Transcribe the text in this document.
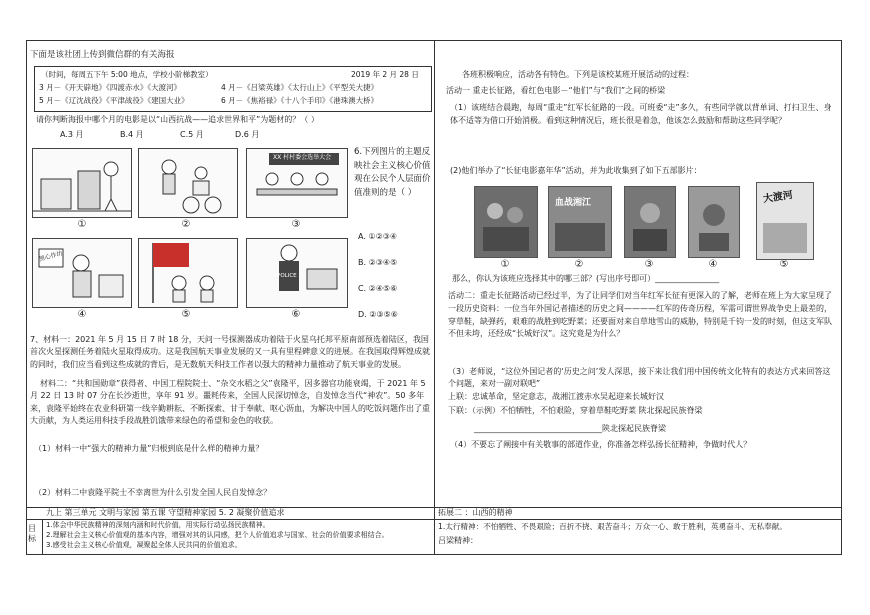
下面是该社团上传到微信群的有关海报

（时间，每周五下午 5:00 地点，学校小阶梯教室）	2019 年 2 月 28 日

3 月－《开天辟地》《四渡赤水》《大渡河》	4 月－《吕梁英雄》《太行山上》《平型关大捷》

5 月－《辽沈战役》《平津战役》《建国大业》	6 月－《焦裕禄》《十八个手印》《港珠澳大桥》

请你判断海报中哪个月的电影是以“山西抗战——追求世界和平”为题材的？（ ）

A.3 月	B.4 月	C.5 月	D.6 月

XX 村村委会选举大会
①	②	③
黑心作坊
POLICE
④	⑤	⑥

6.下列图片的主题反映社会主义核心价值观在公民个人层面价值准则的是（ ）

A. ①②③④

B. ②③④⑤

C. ②④⑤⑥

D. ②③⑤⑥

7、材料一：2021 年 5 月 15 日 7 时 18 分，天问一号探测器成功着陆于火星乌托邦平原南部预选着陆区，我国首次火星探测任务着陆火星取得成功。这是我国航天事业发展的又一具有里程碑意义的进展。在我国取得辉煌成就的同时，我们应当看到这些成就的背后，是无数航天科技工作者以强大的精神力量推动了航天事业的发展。

材料二：“共和国勋章”获得者、中国工程院院士、“杂交水稻之父”袁隆平，因多器官功能衰竭，于 2021 年 5 月 22 日 13 时 07 分在长沙逝世，享年 91 岁。噩耗传来，全国人民深切悼念，自发悼念当代“神农”。50 多年来，袁隆平始终在农业科研第一线辛勤耕耘、不断探索、甘于奉献、呕心沥血，为解决中国人的吃饭问题作出了重大贡献，为人类运用科技手段战胜饥饿带来绿色的希望和金色的收获。

（1）材料一中“强大的精神力量”归根到底是什么样的精神力量？

（2）材料二中袁隆平院士不幸离世为什么引发全国人民自发悼念？

九上 第三单元 文明与家园 第五课 守望精神家园 5. 2 凝聚价值追求

目标

1.体会中华民族精神的深刻内涵和时代价值，用实际行动弘扬民族精神。

2.理解社会主义核心价值观的基本内容，增强对其的认同感，把个人价值追求与国家、社会的价值要求相结合。

3.感受社会主义核心价值观，凝聚起全体人民共同的价值追求。

各班积极响应，活动各有特色。下列是该校某班开展活动的过程：

活动一 重走长征路，看红色电影－“他们”与“我们”之间的桥梁

（1）该班结合晨跑，每周“重走”红军长征路的一段。可班委“走”多久，有些同学就以背单词、打扫卫生、身体不适等为借口开始消极。看到这种情况后，班长很是着急，他该怎么鼓励和帮助这些同学呢？

(2)他们举办了“长征电影嘉年华”活动，并为此收集到了如下五部影片：

血战湘江	大渡河
①	②	③	④	⑤

那么，你认为该班应选择其中的哪三部？(写出序号即可）________________

活动二：重走长征路活动已经过半，为了让同学们对当年红军长征有更深入的了解，老师在班上为大家呈现了一段历史资料：一位当年外国记者描述的历史之间————红军的传奇历程，军需可谓世界战争史上最差的，穿草鞋，缺弹药，艰难的战胜到吃野菜；还要面对来自草地雪山的威胁，特别是千钧一发的时刻，但这支军队不但未垮，还经成“长城好汉”。这究竟是为什么？

（3）老师说，“这位外国记者的‘历史之问’发人深思，接下来让我们用中国传统文化特有的表达方式来回答这个问题，来对一副对联吧”

上联：忠诚革命，坚定意志，战湘江渡赤水吴起迎来长城好汉

下联：（示例）不怕牺牲，不怕艰险，穿着草鞋吃野菜 陕北探起民族脊梁

________________________________陕北探起民族脊梁

（4）不要忘了阐接中有关敬事的部道作业，你准备怎样弘扬长征精神，争做时代人？

拓展二 ：山西的精神

1.太行精神：不怕牺牲、不畏艰险；百折不挠、艰苦奋斗；万众一心、敢于胜利，英勇奋斗、无私奉献。

吕梁精神：
